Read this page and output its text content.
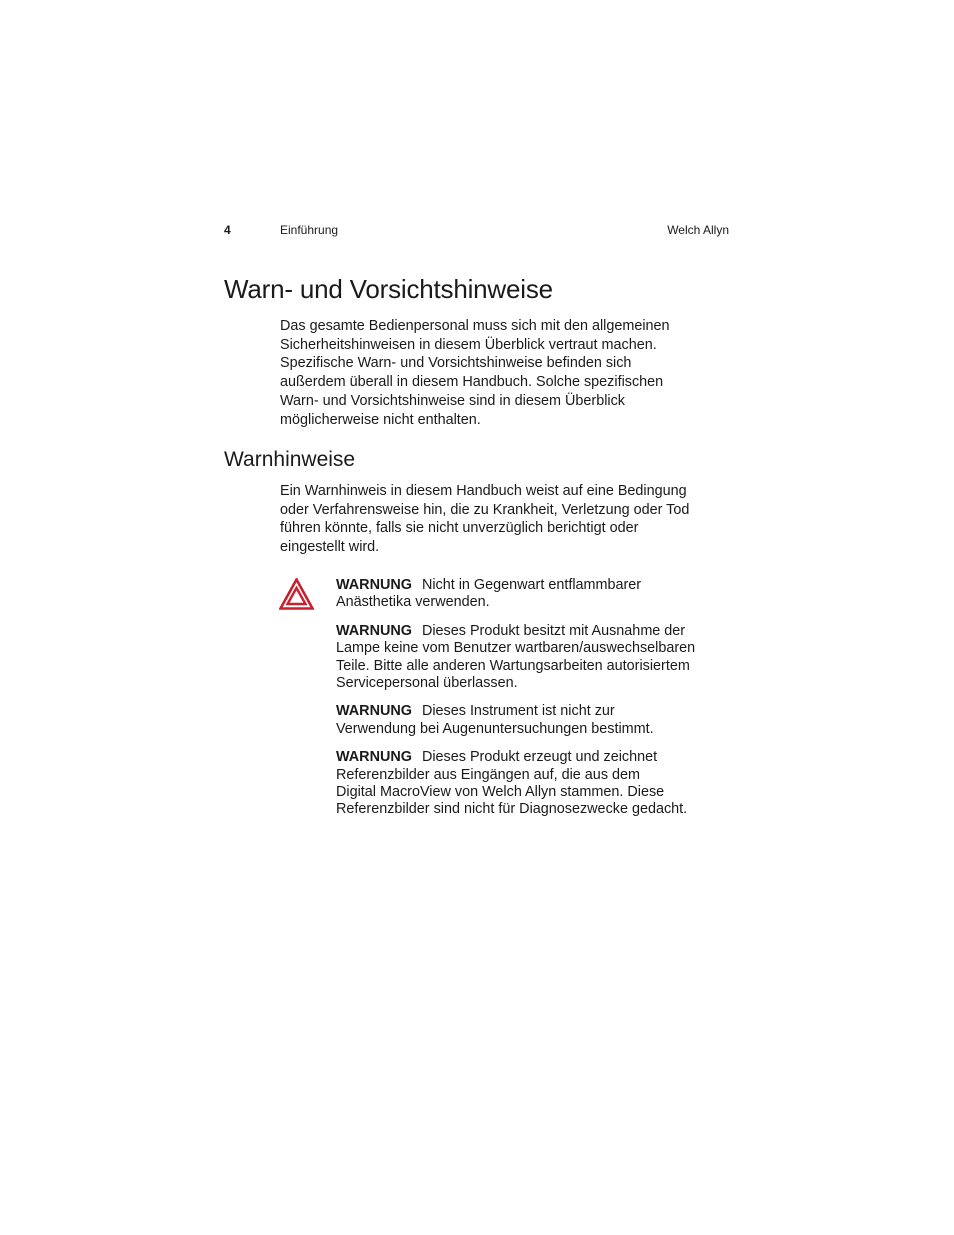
4	Einführung	Welch Allyn
Warn- und Vorsichtshinweise

Das gesamte Bedienpersonal muss sich mit den allgemeinen
Sicherheitshinweisen in diesem Überblick vertraut machen.
Spezifische Warn- und Vorsichtshinweise befinden sich
außerdem überall in diesem Handbuch. Solche spezifischen
Warn- und Vorsichtshinweise sind in diesem Überblick
möglicherweise nicht enthalten.

Warnhinweise

Ein Warnhinweis in diesem Handbuch weist auf eine Bedingung
oder Verfahrensweise hin, die zu Krankheit, Verletzung oder Tod
führen könnte, falls sie nicht unverzüglich berichtigt oder
eingestellt wird.

WARNUNG Nicht in Gegenwart entflammbarer
Anästhetika verwenden.

WARNUNG Dieses Produkt besitzt mit Ausnahme der
Lampe keine vom Benutzer wartbaren/auswechselbaren
Teile. Bitte alle anderen Wartungsarbeiten autorisiertem
Servicepersonal überlassen.

WARNUNG Dieses Instrument ist nicht zur
Verwendung bei Augenuntersuchungen bestimmt.

WARNUNG Dieses Produkt erzeugt und zeichnet
Referenzbilder aus Eingängen auf, die aus dem
Digital MacroView von Welch Allyn stammen. Diese
Referenzbilder sind nicht für Diagnosezwecke gedacht.
